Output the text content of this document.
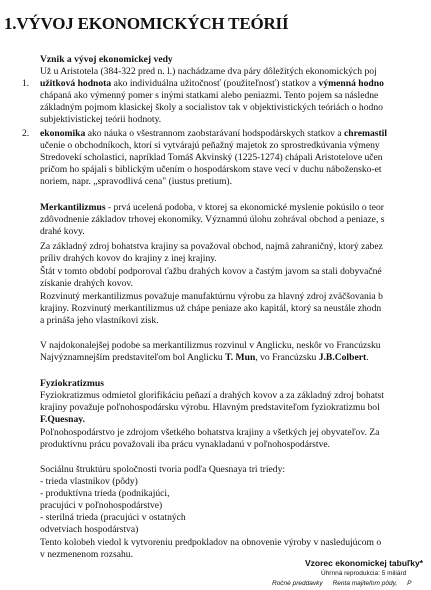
1.VÝVOJ EKONOMICKÝCH TEÓRIÍ
Vznik a vývoj ekonomickej vedy
Už u Aristotela (384-322 pred n. l.) nachádzame dva páry dôležitých ekonomických poj
1. užitková hodnota ako individuálna užitočnosť (použiteľnosť) statkov a výmenná hodno
chápaná ako výmenný pomer s inými statkami alebo peniazmi. Tento pojem sa následne
základným pojmom klasickej školy a socialistov tak v objektivistických teóriách o hodno
subjektivistickej teórii hodnoty.
2. ekonomika ako náuka o všestrannom zaobstarávaní hodspodárskych statkov a chremastil
učenie o obchodníkoch, ktorí si vytvárajú peňažný majetok zo sprostredkúvania výmeny
Stredovekí scholastici, napríklad Tomáš Akvinský (1225-1274) chápali Aristotelove učen
pričom ho spájali s biblickým učením o hospodárskom stave vecí v duchu nábožensko-et
noriem, napr. „spravodlivá cena" (iustus pretium).
Merkantilizmus - prvá ucelená podoba, v ktorej sa ekonomické myslenie pokúsilo o teor
zdôvodnenie základov trhovej ekonomiky. Významnú úlohu zohrával obchod a peniaze, s
drahé kovy.
Za základný zdroj bohatstva krajiny sa považoval obchod, najmä zahraničný, ktorý zabez
príliv drahých kovov do krajiny z inej krajiny.
Štát v tomto období podporoval ťažbu drahých kovov a častým javom sa stali dobyvačné
získanie drahých kovov.
Rozvinutý merkantilizmus považuje manufaktúrnu výrobu za hlavný zdroj zväčšovania b
krajiny. Rozvinutý merkantilizmus už chápe peniaze ako kapitál, ktorý sa neustále zhodn
a prináša jeho vlastníkovi zisk.
V najdokonalejšej podobe sa merkantilizmus rozvinul v Anglicku, neskôr vo Francúzsku
Najvýznamnejším predstaviteľom bol Anglicku T. Mun, vo Francúzsku J.B.Colbert.
Fyziokratizmus
Fyziokratizmus odmietol glorifikáciu peňazí a drahých kovov a za základný zdroj bohatst
krajiny považuje poľnohospodársku výrobu. Hlavným predstaviteľom fyziokratizmu bol
F.Quesnay.
Poľnohospodárstvo je zdrojom všetkého bohatstva krajiny a všetkých jej obyvateľov. Za
produktívnu prácu považovali iba prácu vynakladanú v poľnohospodárstve.
Sociálnu štruktúru spoločnosti tvoria podľa Quesnaya tri triedy:
- trieda vlastníkov (pôdy)
- produktívna trieda (podnikajúci,
pracujúci v poľnohospodárstve)
- sterilná trieda (pracujúci v ostatných
odvetviach hospodárstva)
Tento kolobeh viedol k vytvoreniu predpokladov na obnovenie výroby v nasledujúcom o
v nezmenenom rozsahu.
Vzorec ekonomickej tabuľky*
Úhrnná reprodukcia: 5 miliárd
Ročné preddavky Renta majiteľom pôdy, P
